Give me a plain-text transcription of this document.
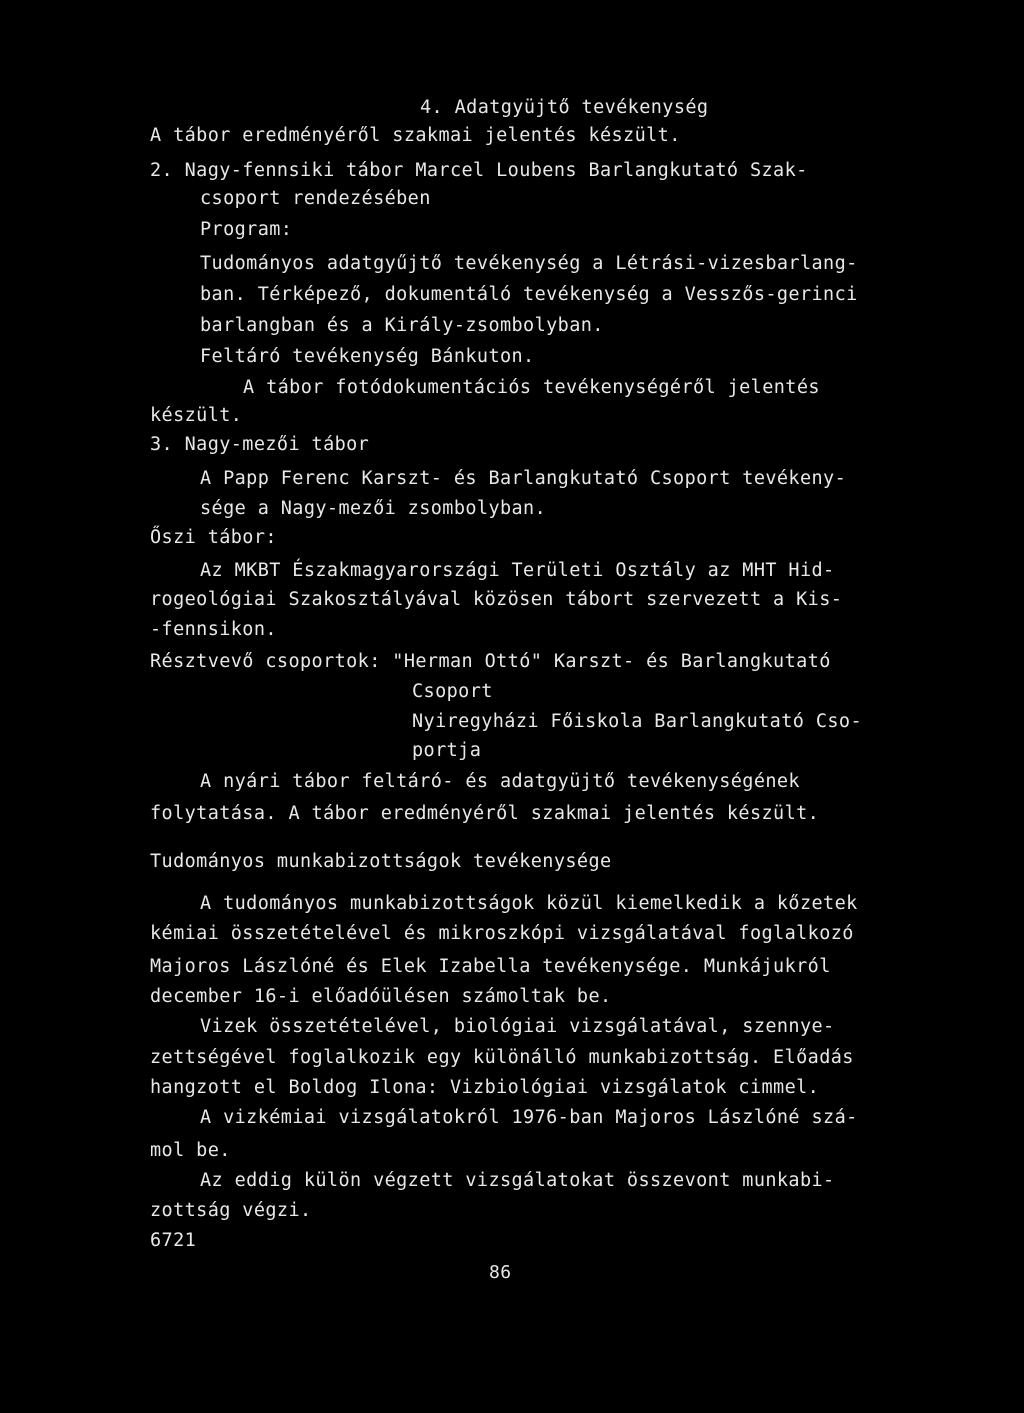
4. Adatgyüjtő tevékenység
A tábor eredményéről szakmai jelentés készült.
2. Nagy-fennsiki tábor Marcel Loubens Barlangkutató Szak-
csoport rendezésében
Program:
Tudományos adatgyűjtő tevékenység a Létrási-vizesbarlang-
ban. Térképező, dokumentáló tevékenység a Vesszős-gerinci
barlangban és a Király-zsombolyban.
Feltáró tevékenység Bánkuton.
A tábor fotódokumentációs tevékenységéről jelentés
készült.
3. Nagy-mezői tábor
A Papp Ferenc Karszt- és Barlangkutató Csoport tevékeny-
sége a Nagy-mezői zsombolyban.
Őszi tábor:
Az MKBT Északmagyarországi Területi Osztály az MHT Hid-
rogeológiai Szakosztályával közösen tábort szervezett a Kis-
-fennsikon.
Résztvevő csoportok: "Herman Ottó" Karszt- és Barlangkutató
Csoport
Nyiregyházi Főiskola Barlangkutató Cso-
portja
A nyári tábor feltáró- és adatgyüjtő tevékenységének
folytatása. A tábor eredményéről szakmai jelentés készült.
Tudományos munkabizottságok tevékenysége
A tudományos munkabizottságok közül kiemelkedik a kőzetek
kémiai összetételével és mikroszkópi vizsgálatával foglalkozó
Majoros Lászlóné és Elek Izabella tevékenysége. Munkájukról
december 16-i előadóülésen számoltak be.
Vizek összetételével, biológiai vizsgálatával, szennye-
zettségével foglalkozik egy különálló munkabizottság. Előadás
hangzott el Boldog Ilona: Vizbiológiai vizsgálatok cimmel.
A vizkémiai vizsgálatokról 1976-ban Majoros Lászlóné szá-
mol be.
Az eddig külön végzett vizsgálatokat összevont munkabi-
zottság végzi.
6721
86
